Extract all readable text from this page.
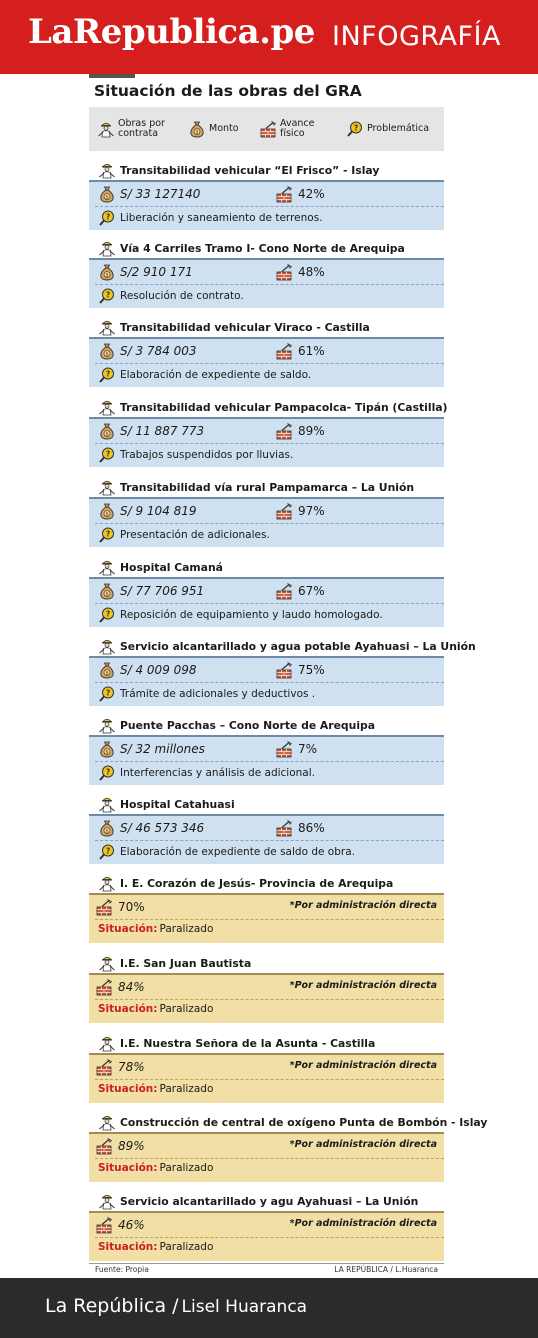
LaRepublica.pe INFOGRAFÍA
Situación de las obras del GRA
Obras por contrata	Monto	Avance físico	Problemática
Transitabilidad vehicular “El Frisco” - Islay
S/ 33 127140	42%
Liberación y saneamiento de terrenos.
Vía 4 Carriles Tramo I- Cono Norte de Arequipa
S/2 910 171	48%
Resolución de contrato.
Transitabilidad vehicular Viraco - Castilla
S/ 3 784 003	61%
Elaboración de expediente de saldo.
Transitabilidad vehicular Pampacolca- Tipán (Castilla)
S/ 11 887 773	89%
Trabajos suspendidos por lluvias.
Transitabilidad vía rural Pampamarca – La Unión
S/ 9 104 819	97%
Presentación de adicionales.
Hospital Camaná
S/ 77 706 951	67%
Reposición de equipamiento y laudo homologado.
Servicio alcantarillado y agua potable Ayahuasi – La Unión
S/ 4 009 098	75%
Trámite de adicionales y deductivos .
Puente Pacchas – Cono Norte de Arequipa
S/ 32 millones	7%
Interferencias y análisis de adicional.
Hospital Catahuasi
S/ 46 573 346	86%
Elaboración de expediente de saldo de obra.
I. E. Corazón de Jesús- Provincia de Arequipa
70%	*Por administración directa
Situación: Paralizado
I.E. San Juan Bautista
84%	*Por administración directa
Situación: Paralizado
I.E. Nuestra Señora de la Asunta - Castilla
78%	*Por administración directa
Situación: Paralizado
Construcción de central de oxígeno Punta de Bombón - Islay
89%	*Por administración directa
Situación: Paralizado
Servicio alcantarillado y agu Ayahuasi – La Unión
46%	*Por administración directa
Situación: Paralizado
Fuente: Propia	LA REPÚBLICA / L.Huaranca
La República / Lisel Huaranca
